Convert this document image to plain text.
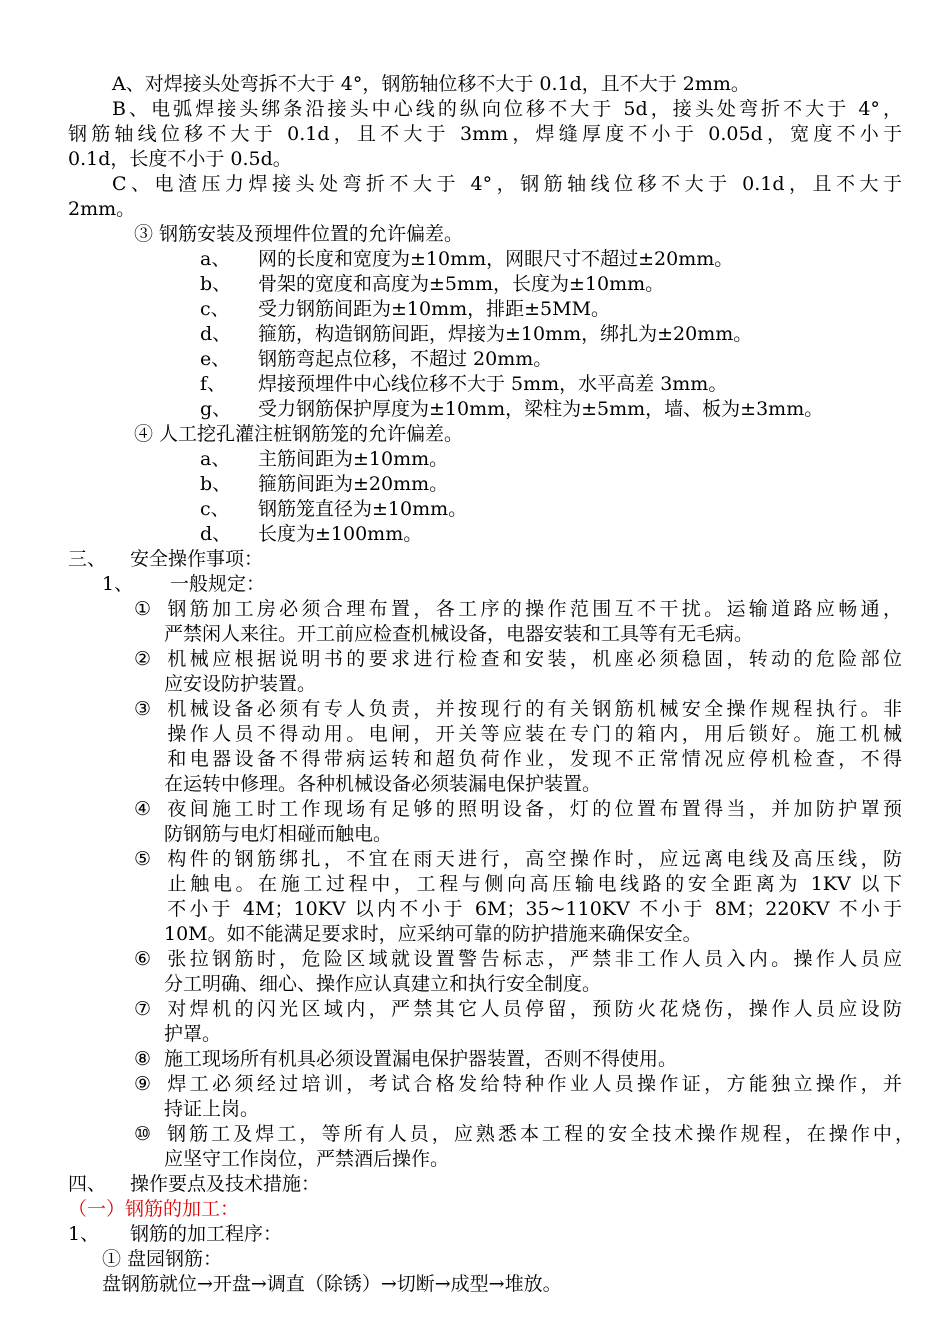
A、对焊接头处弯拆不大于 4°，钢筋轴位移不大于 0.1d，且不大于 2mm。
B、电弧焊接头绑条沿接头中心线的纵向位移不大于 5d，接头处弯折不大于 4°，
钢筋轴线位移不大于 0.1d，且不大于 3mm，焊缝厚度不小于 0.05d，宽度不小于
0.1d，长度不小于 0.5d。
C、电渣压力焊接头处弯折不大于 4°，钢筋轴线位移不大于 0.1d，且不大于
2mm。
③ 钢筋安装及预埋件位置的允许偏差。
a、 网的长度和宽度为±10mm，网眼尺寸不超过±20mm。
b、 骨架的宽度和高度为±5mm，长度为±10mm。
c、 受力钢筋间距为±10mm，排距±5MM。
d、 箍筋，构造钢筋间距，焊接为±10mm，绑扎为±20mm。
e、 钢筋弯起点位移，不超过 20mm。
f、 焊接预埋件中心线位移不大于 5mm，水平高差 3mm。
g、 受力钢筋保护厚度为±10mm，梁柱为±5mm，墙、板为±3mm。
④ 人工挖孔灌注桩钢筋笼的允许偏差。
a、 主筋间距为±10mm。
b、 箍筋间距为±20mm。
c、 钢筋笼直径为±10mm。
d、 长度为±100mm。
三、 安全操作事项：
1、 一般规定：
① 钢筋加工房必须合理布置，各工序的操作范围互不干扰。运输道路应畅通，
严禁闲人来往。开工前应检查机械设备，电器安装和工具等有无毛病。
② 机械应根据说明书的要求进行检查和安装，机座必须稳固，转动的危险部位
应安设防护装置。
③ 机械设备必须有专人负责，并按现行的有关钢筋机械安全操作规程执行。非
操作人员不得动用。电闸，开关等应装在专门的箱内，用后锁好。施工机械
和电器设备不得带病运转和超负荷作业，发现不正常情况应停机检查，不得
在运转中修理。各种机械设备必须装漏电保护装置。
④ 夜间施工时工作现场有足够的照明设备，灯的位置布置得当，并加防护罩预
防钢筋与电灯相碰而触电。
⑤ 构件的钢筋绑扎，不宜在雨天进行，高空操作时，应远离电线及高压线，防
止触电。在施工过程中，工程与侧向高压输电线路的安全距离为 1KV 以下
不小于 4M；10KV 以内不小于 6M；35~110KV 不小于 8M；220KV 不小于
10M。如不能满足要求时，应采纳可靠的防护措施来确保安全。
⑥ 张拉钢筋时，危险区域就设置警告标志，严禁非工作人员入内。操作人员应
分工明确、细心、操作应认真建立和执行安全制度。
⑦ 对焊机的闪光区域内，严禁其它人员停留，预防火花烧伤，操作人员应设防
护罩。
⑧ 施工现场所有机具必须设置漏电保护器装置，否则不得使用。
⑨ 焊工必须经过培训，考试合格发给特种作业人员操作证，方能独立操作，并
持证上岗。
⑩ 钢筋工及焊工，等所有人员，应熟悉本工程的安全技术操作规程，在操作中，
应坚守工作岗位，严禁酒后操作。
四、 操作要点及技术措施：
（一）钢筋的加工：
1、 钢筋的加工程序：
① 盘园钢筋：
盘钢筋就位→开盘→调直（除锈）→切断→成型→堆放。
